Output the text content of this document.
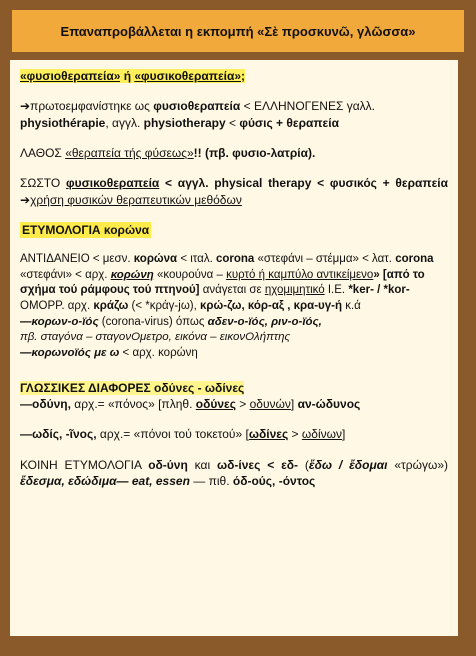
Επαναπροβάλλεται η εκπομπή «Σὲ προσκυνῶ, γλῶσσα»
«φυσιοθεραπεία» ή «φυσικοθεραπεία»;
➔πρωτοεμφανίστηκε ως φυσιοθεραπεία < ΕΛΛΗΝΟΓΕΝΕΣ γαλλ.
physiothérapie, αγγλ. physiotherapy < φύσις + θεραπεία
ΛΑΘΟΣ «θεραπεία τής φύσεως»!! (πβ. φυσιο-λατρία).
ΣΩΣΤΟ φυσικοθεραπεία < αγγλ. physical therapy < φυσικός + θεραπεία ➔χρήση φυσικών θεραπευτικών μεθόδων
ΕΤΥΜΟΛΟΓΙΑ κορώνα
ΑΝΤΙΔΑΝΕΙΟ < μεσν. κορώνα < ιταλ. corona «στεφάνι – στέμμα» < λατ. corona «στεφάνι» < αρχ. κορώνη «κουρούνα – κυρτό ή καμπύλο αντικείμενο» [από το σχήμα τού ράμφους τού πτηνού] ανάγεται σε ηχομιμητικό I.E. *ker- / *kor-
ΟΜΟΡΡ. αρχ. κράζω (< *κράγ-jω), κρώ-ζω, κόρ-αξ , κρα-υγ-ή κ.ά
—κορων-ο-ϊός (corona-virus) όπως αδεν-ο-ϊός, ριν-ο-ϊός,
πβ. σταγόνα – σταγονΟμετρο, εικόνα – εικονΟλήπτης
—κορωνοϊός με ω < αρχ. κορώνη
ΓΛΩΣΣΙΚΕΣ ΔΙΑΦΟΡΕΣ οδύνες - ωδίνες
—οδύνη, αρχ.= «πόνος» [πληθ. οδύνες > οδυνών] αν-ώδυνος
—ωδίς, -ῖνος, αρχ.= «πόνοι τού τοκετού» [ωδίνες > ωδίνων]
ΚΟΙΝΗ ΕΤΥΜΟΛΟΓΙΑ οδ-ύνη και ωδ-ίνες < εδ- (ἔδω / ἔδομαι «τρώγω») ἔδεσμα, εδώδιμα— eat, essen — πιθ. όδ-ούς, -όντος
